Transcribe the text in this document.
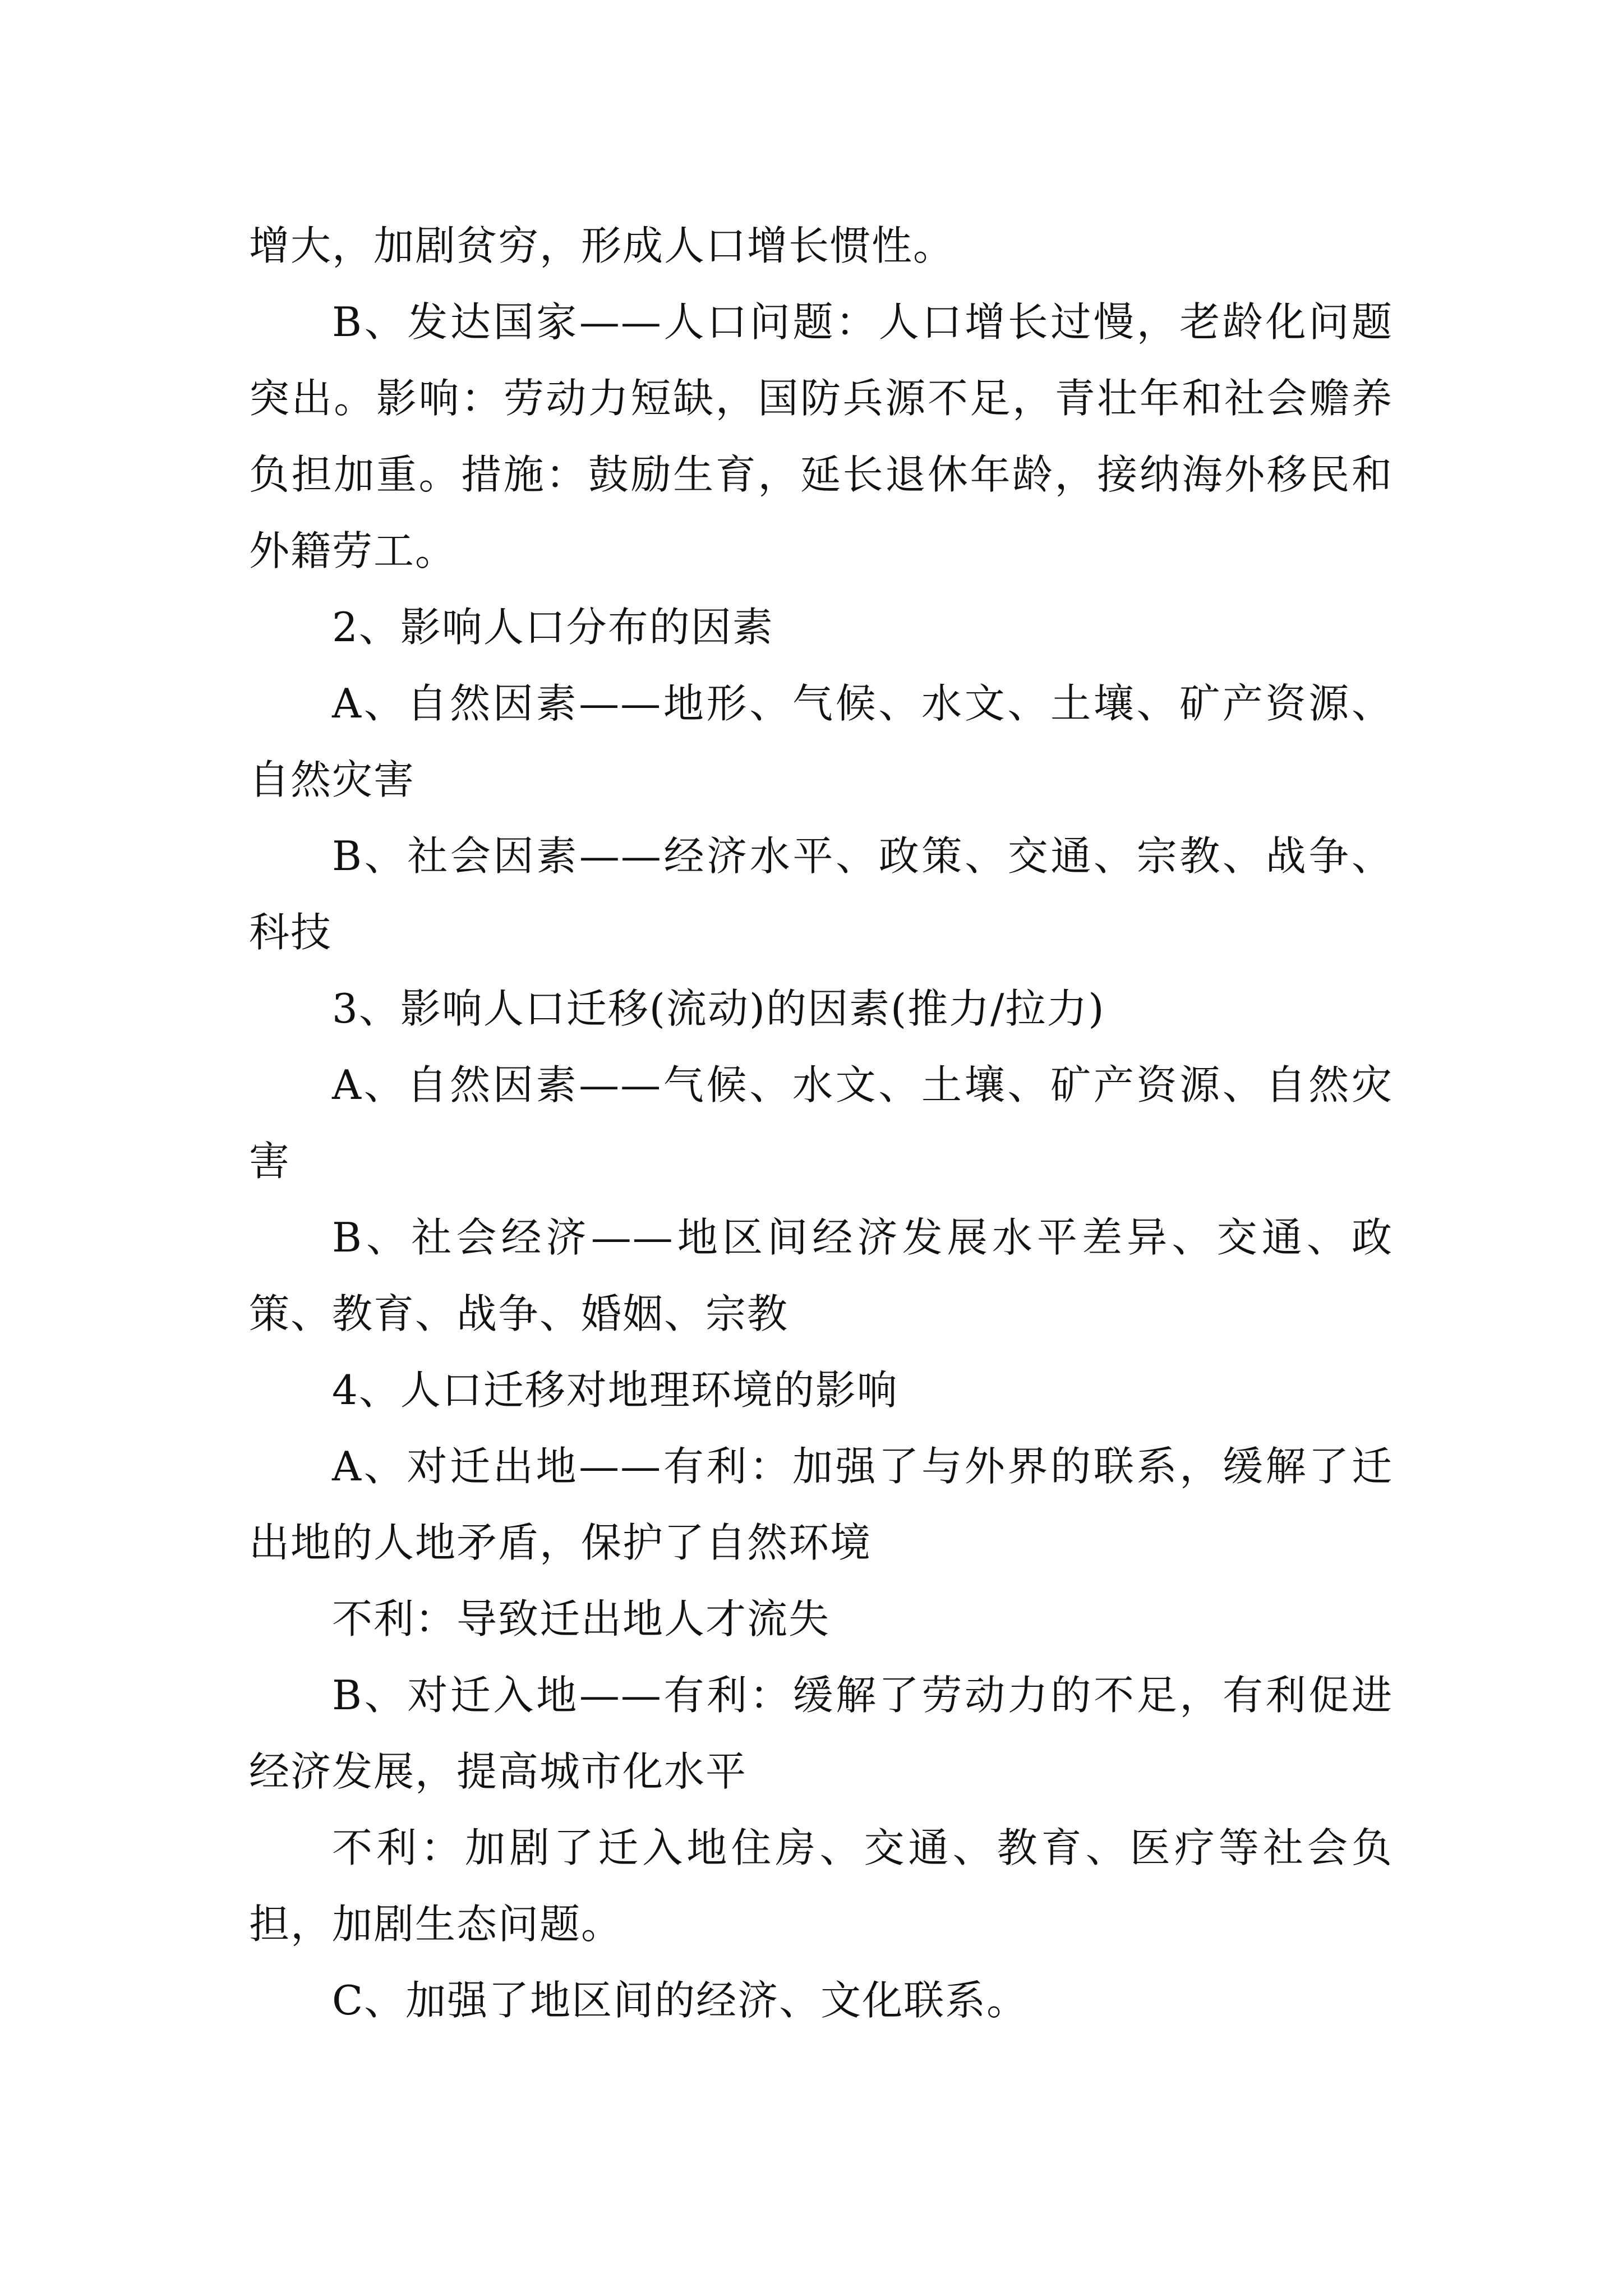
增大，加剧贫穷，形成人口增长惯性。

B、发达国家——人口问题：人口增长过慢，老龄化问题突出。影响：劳动力短缺，国防兵源不足，青壮年和社会赡养负担加重。措施：鼓励生育，延长退休年龄，接纳海外移民和外籍劳工。

2、影响人口分布的因素

A、自然因素——地形、气候、水文、土壤、矿产资源、自然灾害

B、社会因素——经济水平、政策、交通、宗教、战争、科技

3、影响人口迁移(流动)的因素(推力/拉力)

A、自然因素——气候、水文、土壤、矿产资源、自然灾害

B、社会经济——地区间经济发展水平差异、交通、政策、教育、战争、婚姻、宗教

4、人口迁移对地理环境的影响

A、对迁出地——有利：加强了与外界的联系，缓解了迁出地的人地矛盾，保护了自然环境

不利：导致迁出地人才流失

B、对迁入地——有利：缓解了劳动力的不足，有利促进经济发展，提高城市化水平

不利：加剧了迁入地住房、交通、教育、医疗等社会负担，加剧生态问题。

C、加强了地区间的经济、文化联系。
